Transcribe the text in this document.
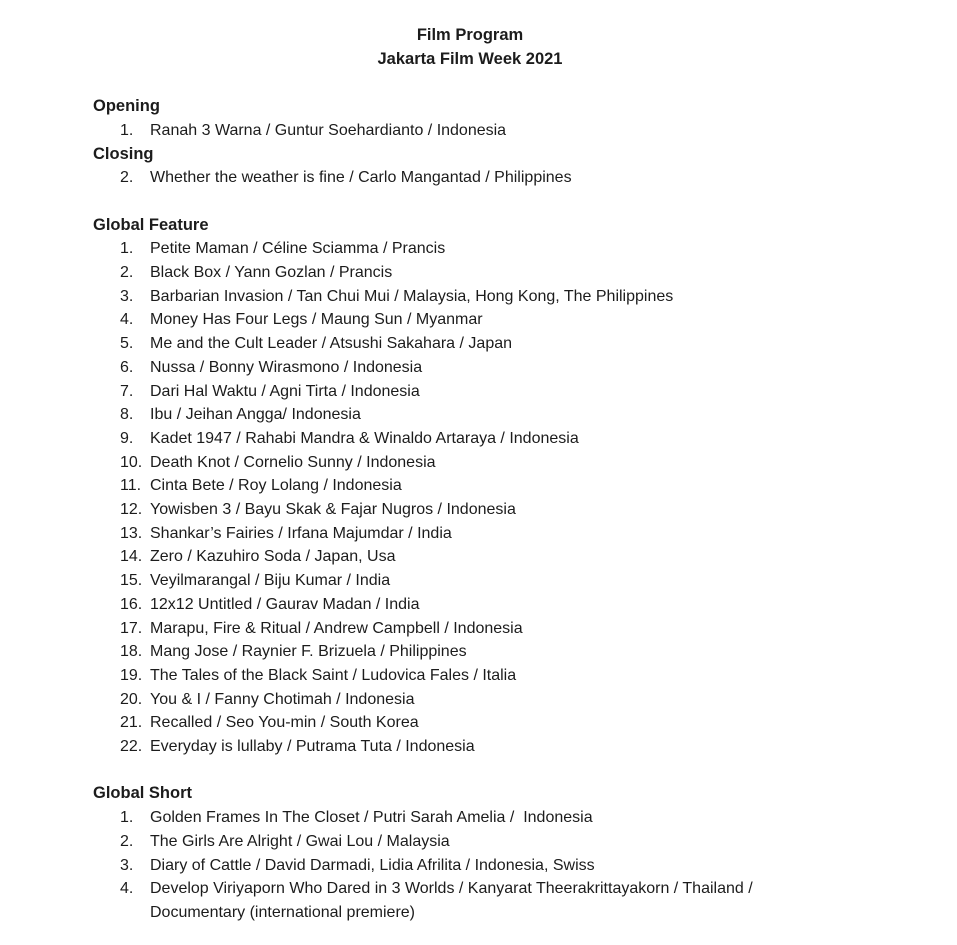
Film Program
Jakarta Film Week 2021
Opening
1.	Ranah 3 Warna / Guntur Soehardianto / Indonesia
Closing
2.	Whether the weather is fine / Carlo Mangantad / Philippines
Global Feature
1.	Petite Maman / Céline Sciamma / Prancis
2.	Black Box / Yann Gozlan / Prancis
3.	Barbarian Invasion / Tan Chui Mui / Malaysia, Hong Kong, The Philippines
4.	Money Has Four Legs / Maung Sun / Myanmar
5.	Me and the Cult Leader / Atsushi Sakahara / Japan
6.	Nussa / Bonny Wirasmono / Indonesia
7.	Dari Hal Waktu / Agni Tirta / Indonesia
8.	Ibu / Jeihan Angga/ Indonesia
9.	Kadet 1947 / Rahabi Mandra & Winaldo Artaraya / Indonesia
10. Death Knot / Cornelio Sunny / Indonesia
11. Cinta Bete / Roy Lolang / Indonesia
12. Yowisben 3 / Bayu Skak & Fajar Nugros / Indonesia
13. Shankar’s Fairies / Irfana Majumdar / India
14. Zero / Kazuhiro Soda / Japan, Usa
15. Veyilmarangal / Biju Kumar / India
16. 12x12 Untitled / Gaurav Madan / India
17. Marapu, Fire & Ritual / Andrew Campbell / Indonesia
18. Mang Jose / Raynier F. Brizuela / Philippines
19. The Tales of the Black Saint / Ludovica Fales / Italia
20. You & I / Fanny Chotimah / Indonesia
21. Recalled / Seo You-min / South Korea
22. Everyday is lullaby / Putrama Tuta / Indonesia
Global Short
1.	Golden Frames In The Closet / Putri Sarah Amelia /  Indonesia
2.	The Girls Are Alright / Gwai Lou / Malaysia
3.	Diary of Cattle / David Darmadi, Lidia Afrilita / Indonesia, Swiss
4.	Develop Viriyaporn Who Dared in 3 Worlds / Kanyarat Theerakrittayakorn / Thailand / Documentary (international premiere)
